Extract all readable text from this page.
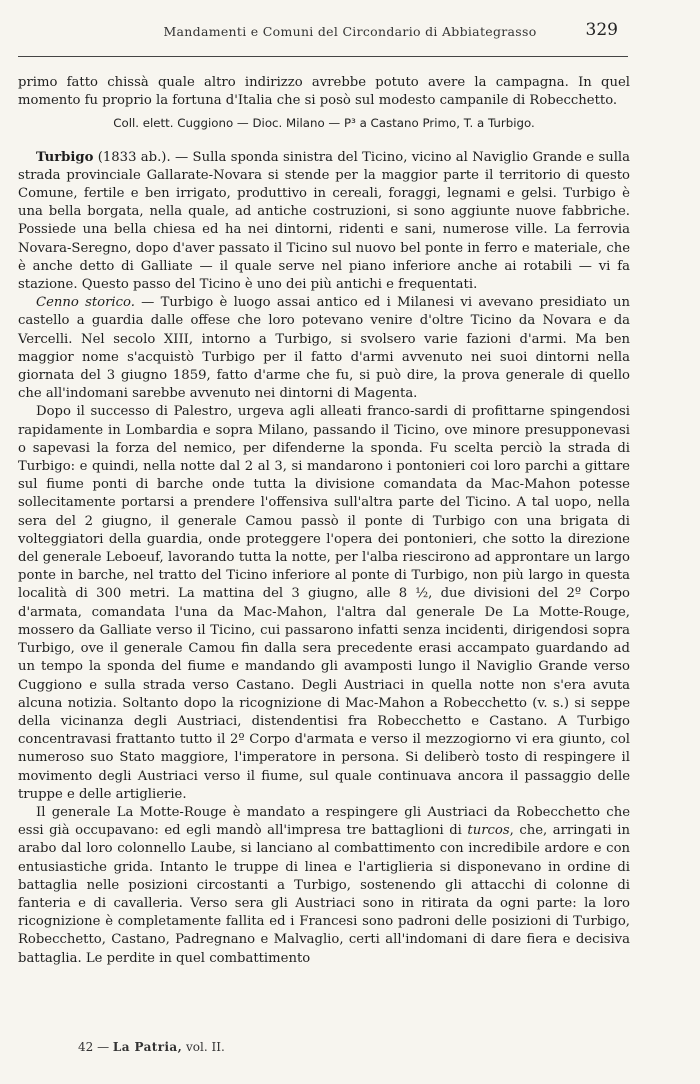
Mandamenti e Comuni del Circondario di Abbiategrasso	329

primo fatto chissà quale altro indirizzo avrebbe potuto avere la campagna. In quel momento fu proprio la fortuna d'Italia che si posò sul modesto campanile di Robecchetto.

Coll. elett. Cuggiono — Dioc. Milano — P³ a Castano Primo, T. a Turbigo.

Turbigo (1833 ab.). — Sulla sponda sinistra del Ticino, vicino al Naviglio Grande e sulla strada provinciale Gallarate-Novara si stende per la maggior parte il territorio di questo Comune, fertile e ben irrigato, produttivo in cereali, foraggi, legnami e gelsi. Turbigo è una bella borgata, nella quale, ad antiche costruzioni, si sono aggiunte nuove fabbriche. Possiede una bella chiesa ed ha nei dintorni, ridenti e sani, numerose ville. La ferrovia Novara-Seregno, dopo d'aver passato il Ticino sul nuovo bel ponte in ferro e materiale, che è anche detto di Galliate — il quale serve nel piano inferiore anche ai rotabili — vi fa stazione. Questo passo del Ticino è uno dei più antichi e frequentati.

Cenno storico. — Turbigo è luogo assai antico ed i Milanesi vi avevano presidiato un castello a guardia dalle offese che loro potevano venire d'oltre Ticino da Novara e da Vercelli. Nel secolo XIII, intorno a Turbigo, si svolsero varie fazioni d'armi. Ma ben maggior nome s'acquistò Turbigo per il fatto d'armi avvenuto nei suoi dintorni nella giornata del 3 giugno 1859, fatto d'arme che fu, si può dire, la prova generale di quello che all'indomani sarebbe avvenuto nei dintorni di Magenta.

Dopo il successo di Palestro, urgeva agli alleati franco-sardi di profittarne spingendosi rapidamente in Lombardia e sopra Milano, passando il Ticino, ove minore presupponevasi o sapevasi la forza del nemico, per difenderne la sponda. Fu scelta perciò la strada di Turbigo: e quindi, nella notte dal 2 al 3, si mandarono i pontonieri coi loro parchi a gittare sul fiume ponti di barche onde tutta la divisione comandata da Mac-Mahon potesse sollecitamente portarsi a prendere l'offensiva sull'altra parte del Ticino. A tal uopo, nella sera del 2 giugno, il generale Camou passò il ponte di Turbigo con una brigata di volteggiatori della guardia, onde proteggere l'opera dei pontonieri, che sotto la direzione del generale Leboeuf, lavorando tutta la notte, per l'alba riescirono ad approntare un largo ponte in barche, nel tratto del Ticino inferiore al ponte di Turbigo, non più largo in questa località di 300 metri. La mattina del 3 giugno, alle 8 ½, due divisioni del 2º Corpo d'armata, comandata l'una da Mac-Mahon, l'altra dal generale De La Motte-Rouge, mossero da Galliate verso il Ticino, cui passarono infatti senza incidenti, dirigendosi sopra Turbigo, ove il generale Camou fin dalla sera precedente erasi accampato guardando ad un tempo la sponda del fiume e mandando gli avamposti lungo il Naviglio Grande verso Cuggiono e sulla strada verso Castano. Degli Austriaci in quella notte non s'era avuta alcuna notizia. Soltanto dopo la ricognizione di Mac-Mahon a Robecchetto (v. s.) si seppe della vicinanza degli Austriaci, distendentisi fra Robecchetto e Castano. A Turbigo concentravasi frattanto tutto il 2º Corpo d'armata e verso il mezzogiorno vi era giunto, col numeroso suo Stato maggiore, l'imperatore in persona. Si deliberò tosto di respingere il movimento degli Austriaci verso il fiume, sul quale continuava ancora il passaggio delle truppe e delle artiglierie.

Il generale La Motte-Rouge è mandato a respingere gli Austriaci da Robecchetto che essi già occupavano: ed egli mandò all'impresa tre battaglioni di turcos, che, arringati in arabo dal loro colonnello Laube, si lanciano al combattimento con incredibile ardore e con entusiastiche grida. Intanto le truppe di linea e l'artiglieria si disponevano in ordine di battaglia nelle posizioni circostanti a Turbigo, sostenendo gli attacchi di colonne di fanteria e di cavalleria. Verso sera gli Austriaci sono in ritirata da ogni parte: la loro ricognizione è completamente fallita ed i Francesi sono padroni delle posizioni di Turbigo, Robecchetto, Castano, Padregnano e Malvaglio, certi all'indomani di dare fiera e decisiva battaglia. Le perdite in quel combattimento

42 — La Patria, vol. II.
